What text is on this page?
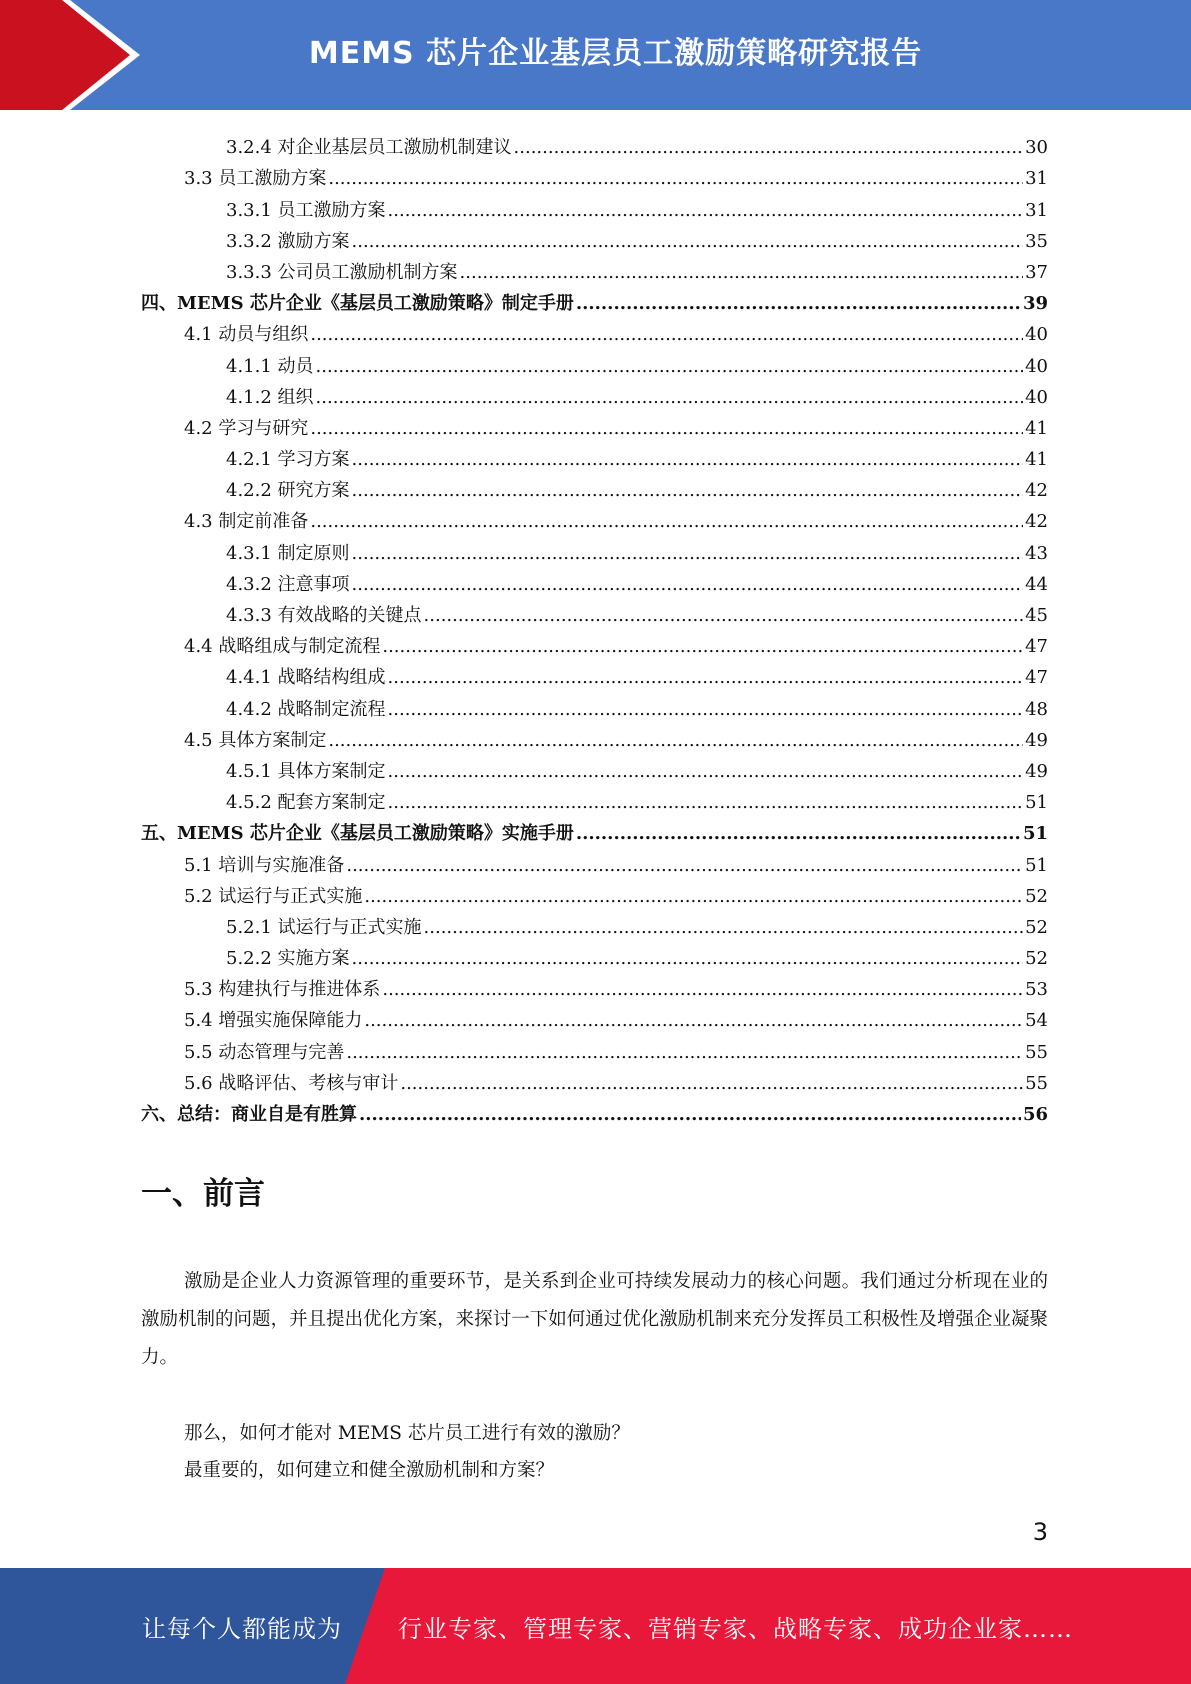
MEMS 芯片企业基层员工激励策略研究报告
3.2.4 对企业基层员工激励机制建议 .....	30
3.3 员工激励方案 .....	31
3.3.1 员工激励方案 .....	31
3.3.2 激励方案 .....	35
3.3.3 公司员工激励机制方案 .....	37
四、MEMS 芯片企业《基层员工激励策略》制定手册 .....	39
4.1 动员与组织 .....	40
4.1.1 动员 .....	40
4.1.2 组织 .....	40
4.2 学习与研究 .....	41
4.2.1 学习方案 .....	41
4.2.2 研究方案 .....	42
4.3 制定前准备 .....	42
4.3.1 制定原则 .....	43
4.3.2 注意事项 .....	44
4.3.3 有效战略的关键点 .....	45
4.4 战略组成与制定流程 .....	47
4.4.1 战略结构组成 .....	47
4.4.2 战略制定流程 .....	48
4.5 具体方案制定 .....	49
4.5.1 具体方案制定 .....	49
4.5.2 配套方案制定 .....	51
五、MEMS 芯片企业《基层员工激励策略》实施手册 .....	51
5.1 培训与实施准备 .....	51
5.2 试运行与正式实施 .....	52
5.2.1 试运行与正式实施 .....	52
5.2.2 实施方案 .....	52
5.3 构建执行与推进体系 .....	53
5.4 增强实施保障能力 .....	54
5.5 动态管理与完善 .....	55
5.6 战略评估、考核与审计 .....	55
六、总结：商业自是有胜算 .....	56
一、前言
激励是企业人力资源管理的重要环节，是关系到企业可持续发展动力的核心问题。我们通过分析现在业的激励机制的问题，并且提出优化方案，来探讨一下如何通过优化激励机制来充分发挥员工积极性及增强企业凝聚力。
那么，如何才能对 MEMS 芯片员工进行有效的激励？
最重要的，如何建立和健全激励机制和方案？
3
让每个人都能成为 行业专家、管理专家、营销专家、战略专家、成功企业家……
